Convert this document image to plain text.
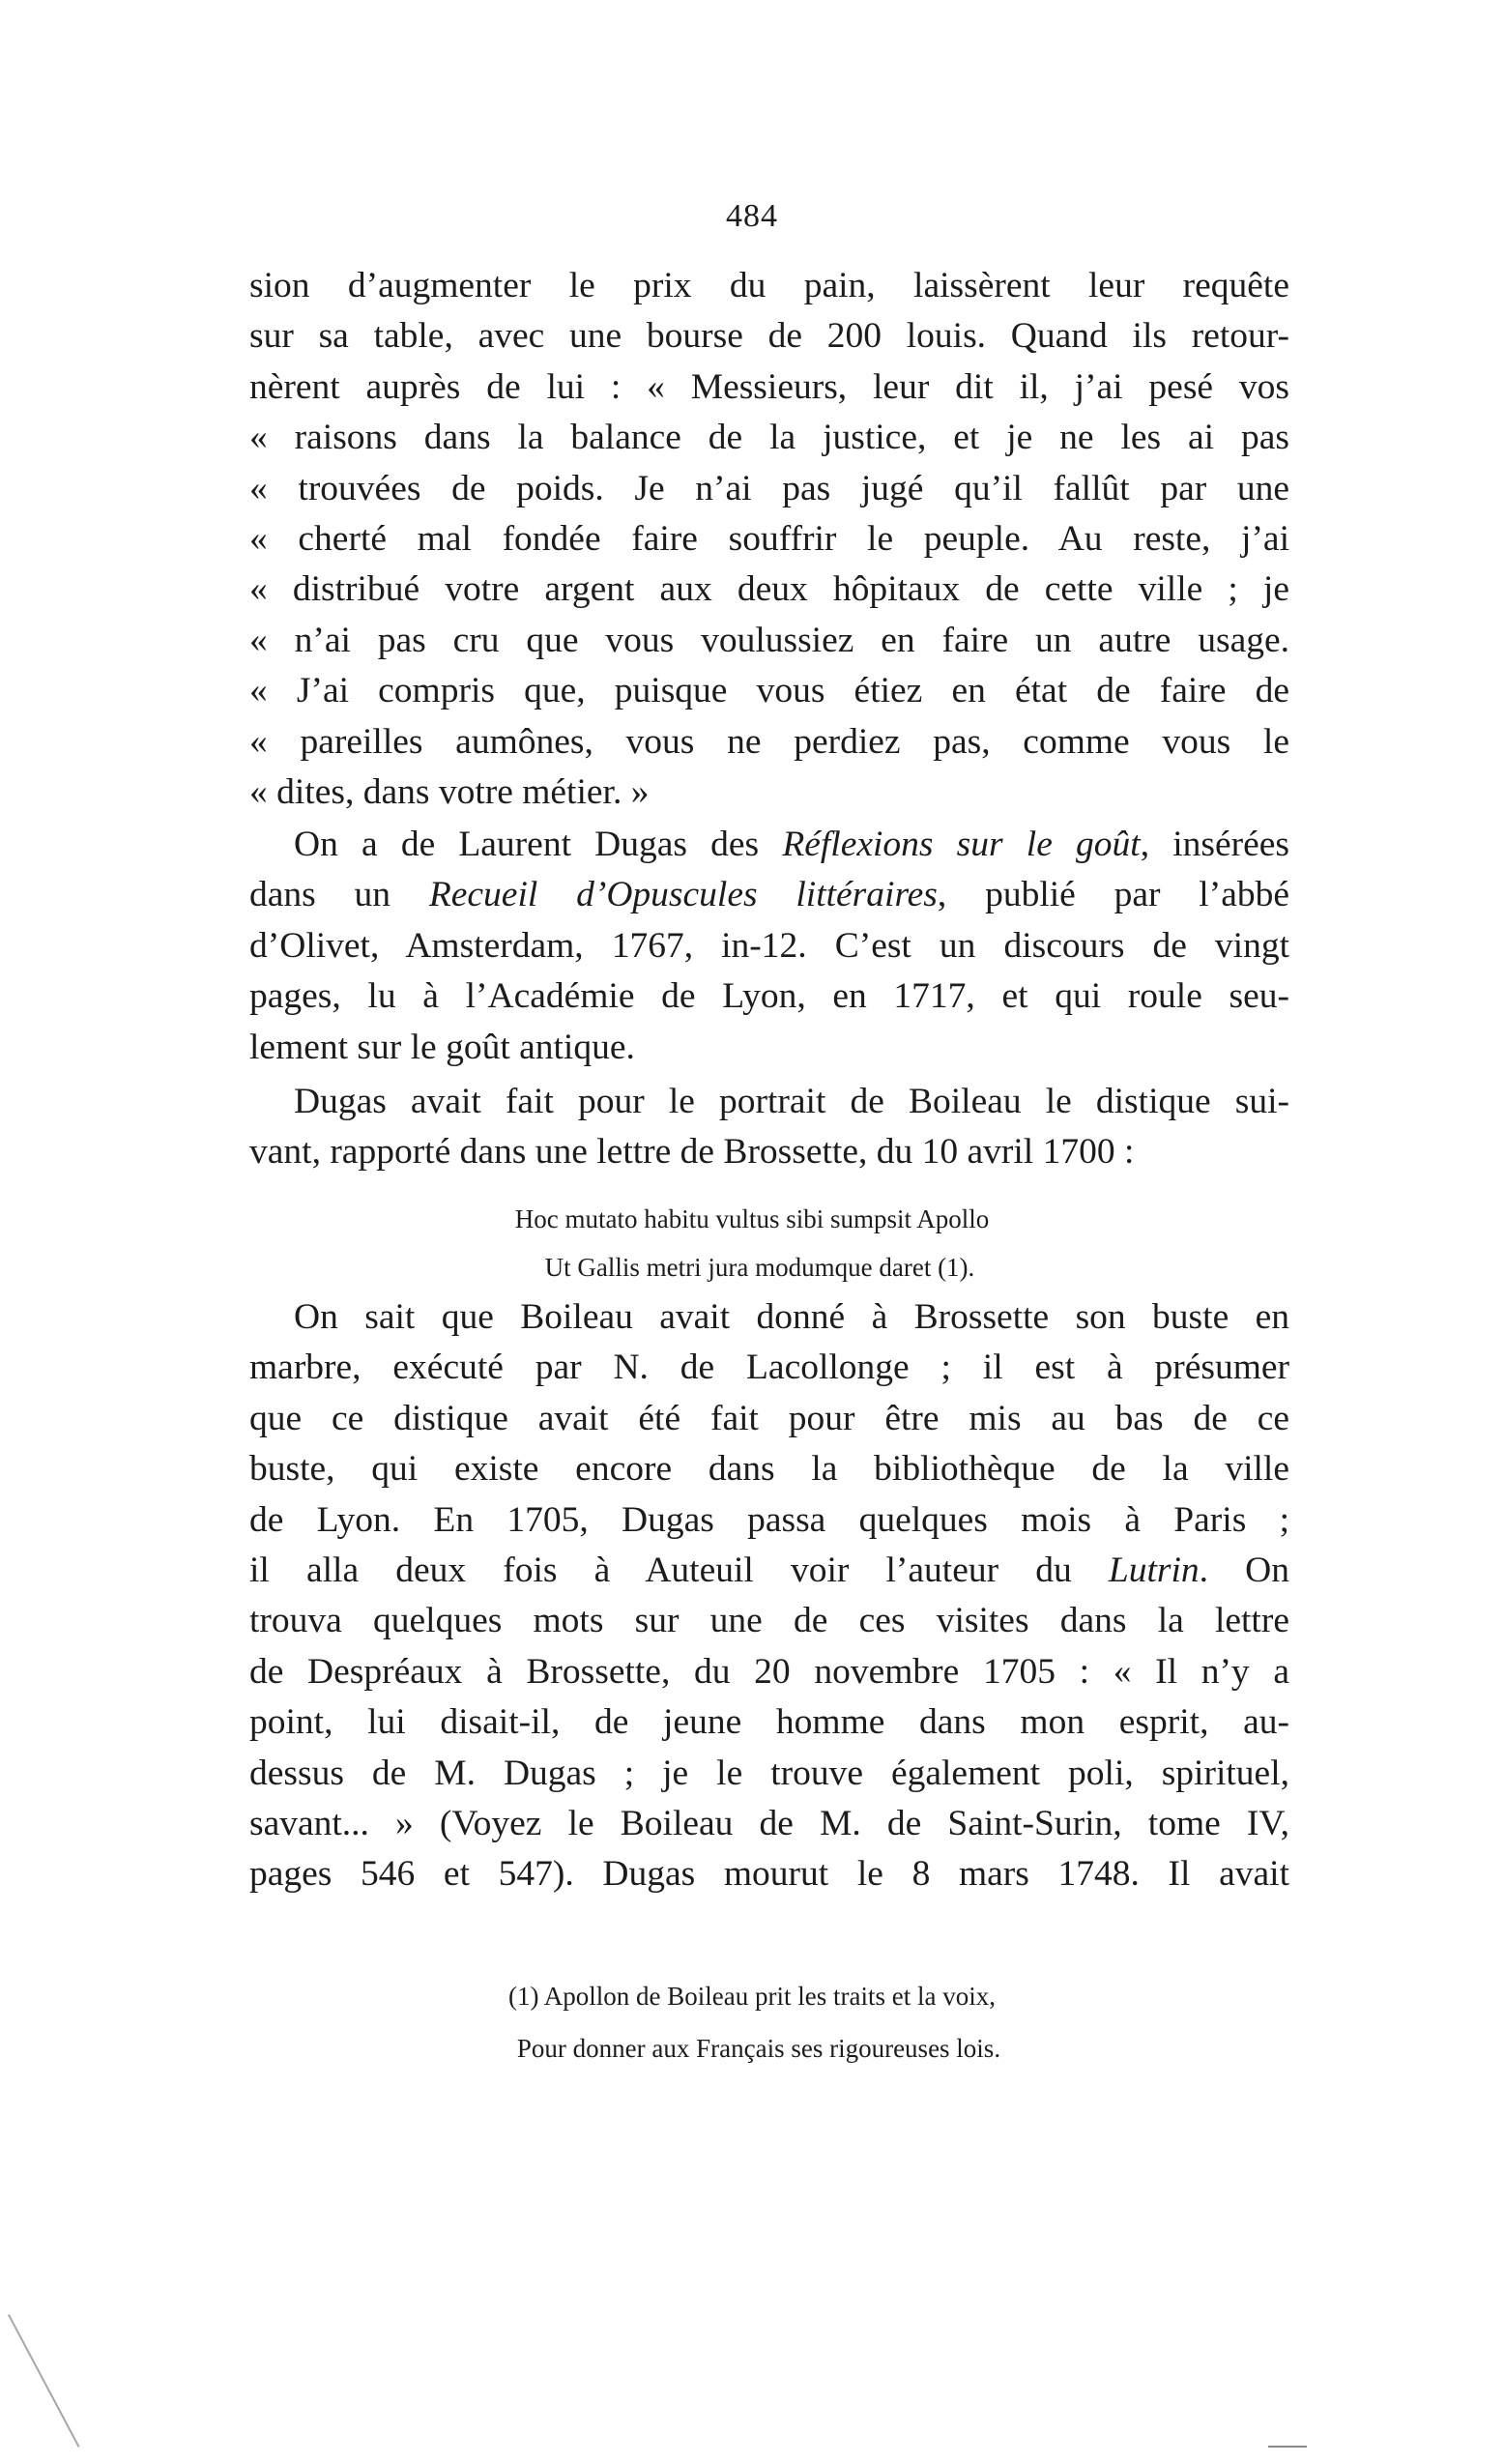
484
sion d’augmenter le prix du pain, laissèrent leur requête
sur sa table, avec une bourse de 200 louis. Quand ils retour-
nèrent auprès de lui : « Messieurs, leur dit il, j’ai pesé vos
« raisons dans la balance de la justice, et je ne les ai pas
« trouvées de poids. Je n’ai pas jugé qu’il fallût par une
« cherté mal fondée faire souffrir le peuple. Au reste, j’ai
« distribué votre argent aux deux hôpitaux de cette ville ; je
« n’ai pas cru que vous voulussiez en faire un autre usage.
« J’ai compris que, puisque vous étiez en état de faire de
« pareilles aumônes, vous ne perdiez pas, comme vous le
« dites, dans votre métier. »
On a de Laurent Dugas des Réflexions sur le goût, insérées
dans un Recueil d’Opuscules littéraires, publié par l’abbé
d’Olivet, Amsterdam, 1767, in-12. C’est un discours de vingt
pages, lu à l’Académie de Lyon, en 1717, et qui roule seu-
lement sur le goût antique.
Dugas avait fait pour le portrait de Boileau le distique sui-
vant, rapporté dans une lettre de Brossette, du 10 avril 1700 :
Hoc mutato habitu vultus sibi sumpsit Apollo
Ut Gallis metri jura modumque daret (1).
On sait que Boileau avait donné à Brossette son buste en
marbre, exécuté par N. de Lacollonge ; il est à présumer
que ce distique avait été fait pour être mis au bas de ce
buste, qui existe encore dans la bibliothèque de la ville
de Lyon. En 1705, Dugas passa quelques mois à Paris ;
il alla deux fois à Auteuil voir l’auteur du Lutrin. On
trouva quelques mots sur une de ces visites dans la lettre
de Despréaux à Brossette, du 20 novembre 1705 : « Il n’y a
point, lui disait-il, de jeune homme dans mon esprit, au-
dessus de M. Dugas ; je le trouve également poli, spirituel,
savant... » (Voyez le Boileau de M. de Saint-Surin, tome IV,
pages 546 et 547). Dugas mourut le 8 mars 1748. Il avait
(1) Apollon de Boileau prit les traits et la voix,
Pour donner aux Français ses rigoureuses lois.
